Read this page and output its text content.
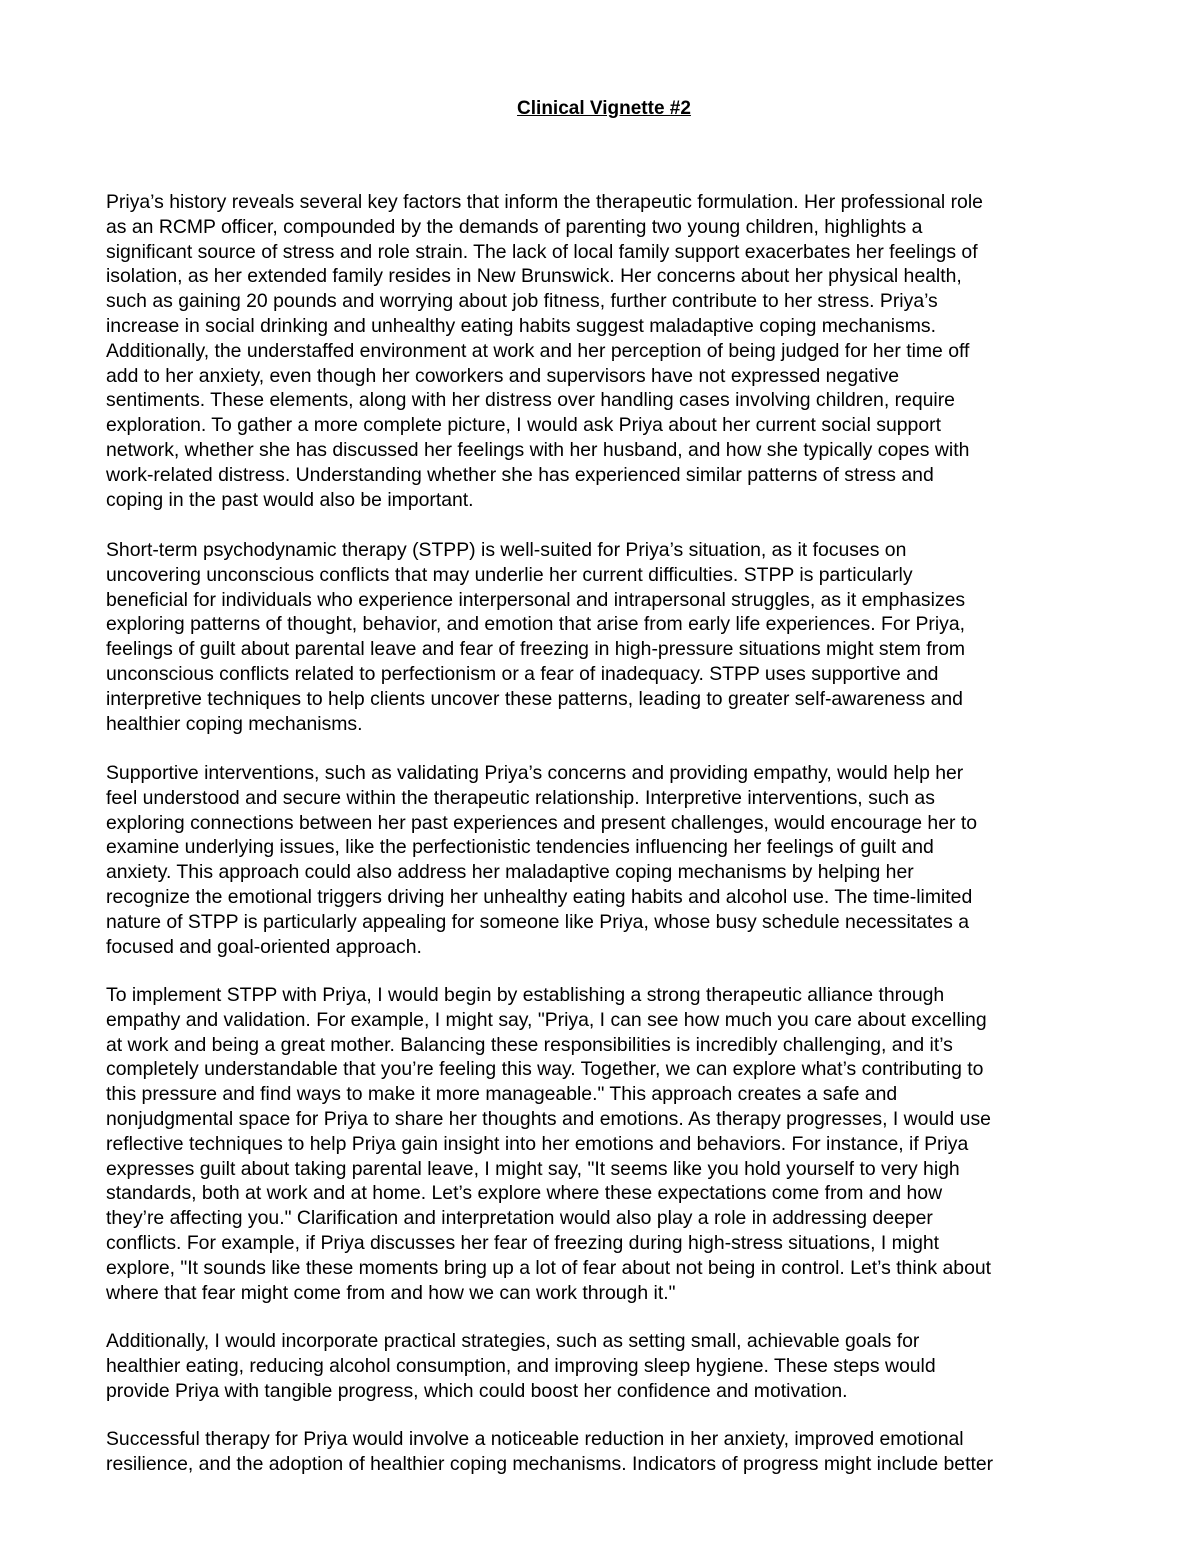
Clinical Vignette #2
Priya’s history reveals several key factors that inform the therapeutic formulation. Her professional role
as an RCMP officer, compounded by the demands of parenting two young children, highlights a
significant source of stress and role strain. The lack of local family support exacerbates her feelings of
isolation, as her extended family resides in New Brunswick. Her concerns about her physical health,
such as gaining 20 pounds and worrying about job fitness, further contribute to her stress. Priya’s
increase in social drinking and unhealthy eating habits suggest maladaptive coping mechanisms.
Additionally, the understaffed environment at work and her perception of being judged for her time off
add to her anxiety, even though her coworkers and supervisors have not expressed negative
sentiments. These elements, along with her distress over handling cases involving children, require
exploration. To gather a more complete picture, I would ask Priya about her current social support
network, whether she has discussed her feelings with her husband, and how she typically copes with
work-related distress. Understanding whether she has experienced similar patterns of stress and
coping in the past would also be important.
Short-term psychodynamic therapy (STPP) is well-suited for Priya’s situation, as it focuses on
uncovering unconscious conflicts that may underlie her current difficulties. STPP is particularly
beneficial for individuals who experience interpersonal and intrapersonal struggles, as it emphasizes
exploring patterns of thought, behavior, and emotion that arise from early life experiences. For Priya,
feelings of guilt about parental leave and fear of freezing in high-pressure situations might stem from
unconscious conflicts related to perfectionism or a fear of inadequacy. STPP uses supportive and
interpretive techniques to help clients uncover these patterns, leading to greater self-awareness and
healthier coping mechanisms.
Supportive interventions, such as validating Priya’s concerns and providing empathy, would help her
feel understood and secure within the therapeutic relationship. Interpretive interventions, such as
exploring connections between her past experiences and present challenges, would encourage her to
examine underlying issues, like the perfectionistic tendencies influencing her feelings of guilt and
anxiety. This approach could also address her maladaptive coping mechanisms by helping her
recognize the emotional triggers driving her unhealthy eating habits and alcohol use. The time-limited
nature of STPP is particularly appealing for someone like Priya, whose busy schedule necessitates a
focused and goal-oriented approach.
To implement STPP with Priya, I would begin by establishing a strong therapeutic alliance through
empathy and validation. For example, I might say, "Priya, I can see how much you care about excelling
at work and being a great mother. Balancing these responsibilities is incredibly challenging, and it’s
completely understandable that you’re feeling this way. Together, we can explore what’s contributing to
this pressure and find ways to make it more manageable." This approach creates a safe and
nonjudgmental space for Priya to share her thoughts and emotions. As therapy progresses, I would use
reflective techniques to help Priya gain insight into her emotions and behaviors. For instance, if Priya
expresses guilt about taking parental leave, I might say, "It seems like you hold yourself to very high
standards, both at work and at home. Let’s explore where these expectations come from and how
they’re affecting you." Clarification and interpretation would also play a role in addressing deeper
conflicts. For example, if Priya discusses her fear of freezing during high-stress situations, I might
explore, "It sounds like these moments bring up a lot of fear about not being in control. Let’s think about
where that fear might come from and how we can work through it."
Additionally, I would incorporate practical strategies, such as setting small, achievable goals for
healthier eating, reducing alcohol consumption, and improving sleep hygiene. These steps would
provide Priya with tangible progress, which could boost her confidence and motivation.
Successful therapy for Priya would involve a noticeable reduction in her anxiety, improved emotional
resilience, and the adoption of healthier coping mechanisms. Indicators of progress might include better
